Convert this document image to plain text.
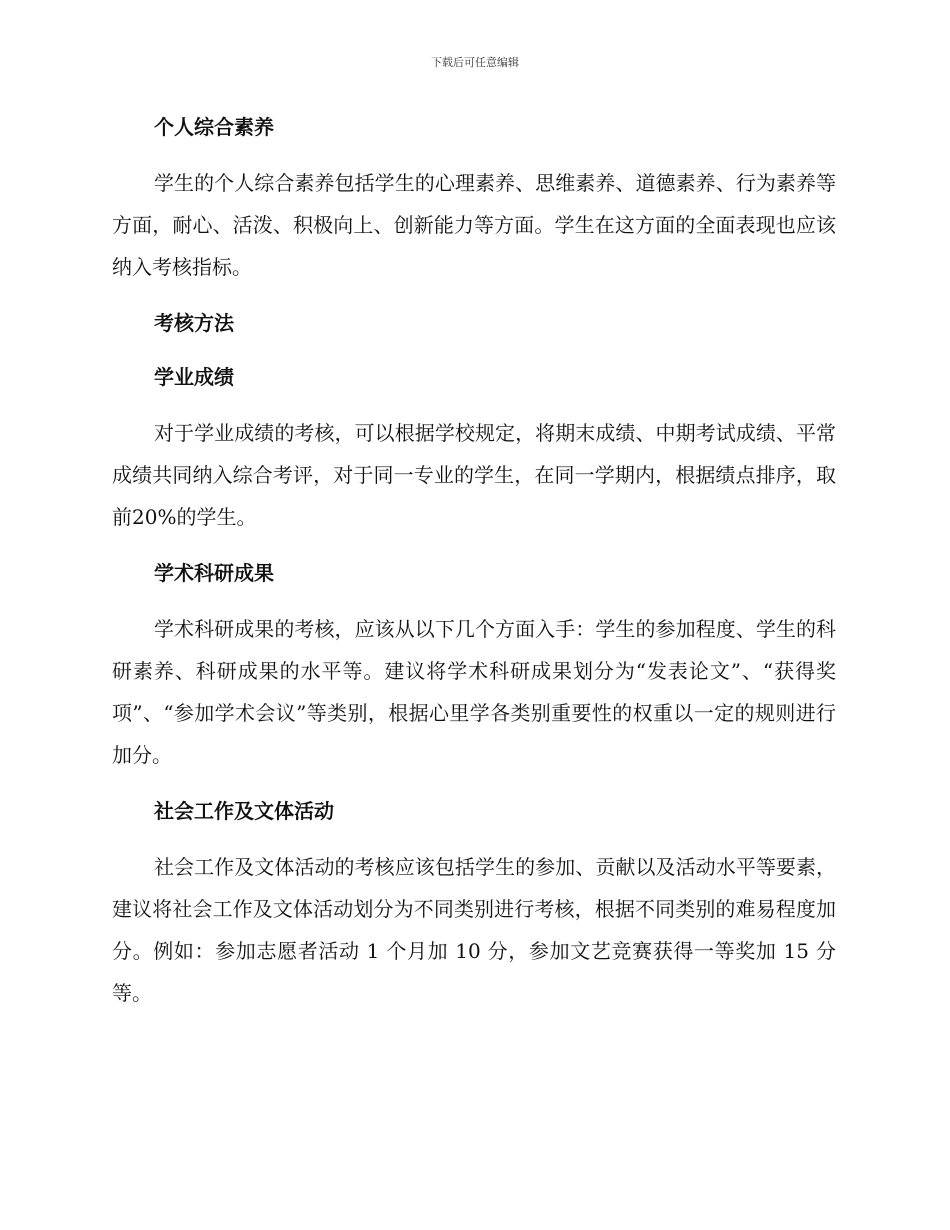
下载后可任意编辑
个人综合素养

学生的个人综合素养包括学生的心理素养、思维素养、道德素养、行为素养等方面，耐心、活泼、积极向上、创新能力等方面。学生在这方面的全面表现也应该纳入考核指标。

考核方法
学业成绩

对于学业成绩的考核，可以根据学校规定，将期末成绩、中期考试成绩、平常成绩共同纳入综合考评，对于同一专业的学生，在同一学期内，根据绩点排序，取前20%的学生。

学术科研成果

学术科研成果的考核，应该从以下几个方面入手：学生的参加程度、学生的科研素养、科研成果的水平等。建议将学术科研成果划分为“发表论文”、“获得奖项”、“参加学术会议”等类别，根据心里学各类别重要性的权重以一定的规则进行加分。

社会工作及文体活动

社会工作及文体活动的考核应该包括学生的参加、贡献以及活动水平等要素，建议将社会工作及文体活动划分为不同类别进行考核，根据不同类别的难易程度加分。例如：参加志愿者活动 1 个月加 10 分，参加文艺竞赛获得一等奖加 15 分等。
